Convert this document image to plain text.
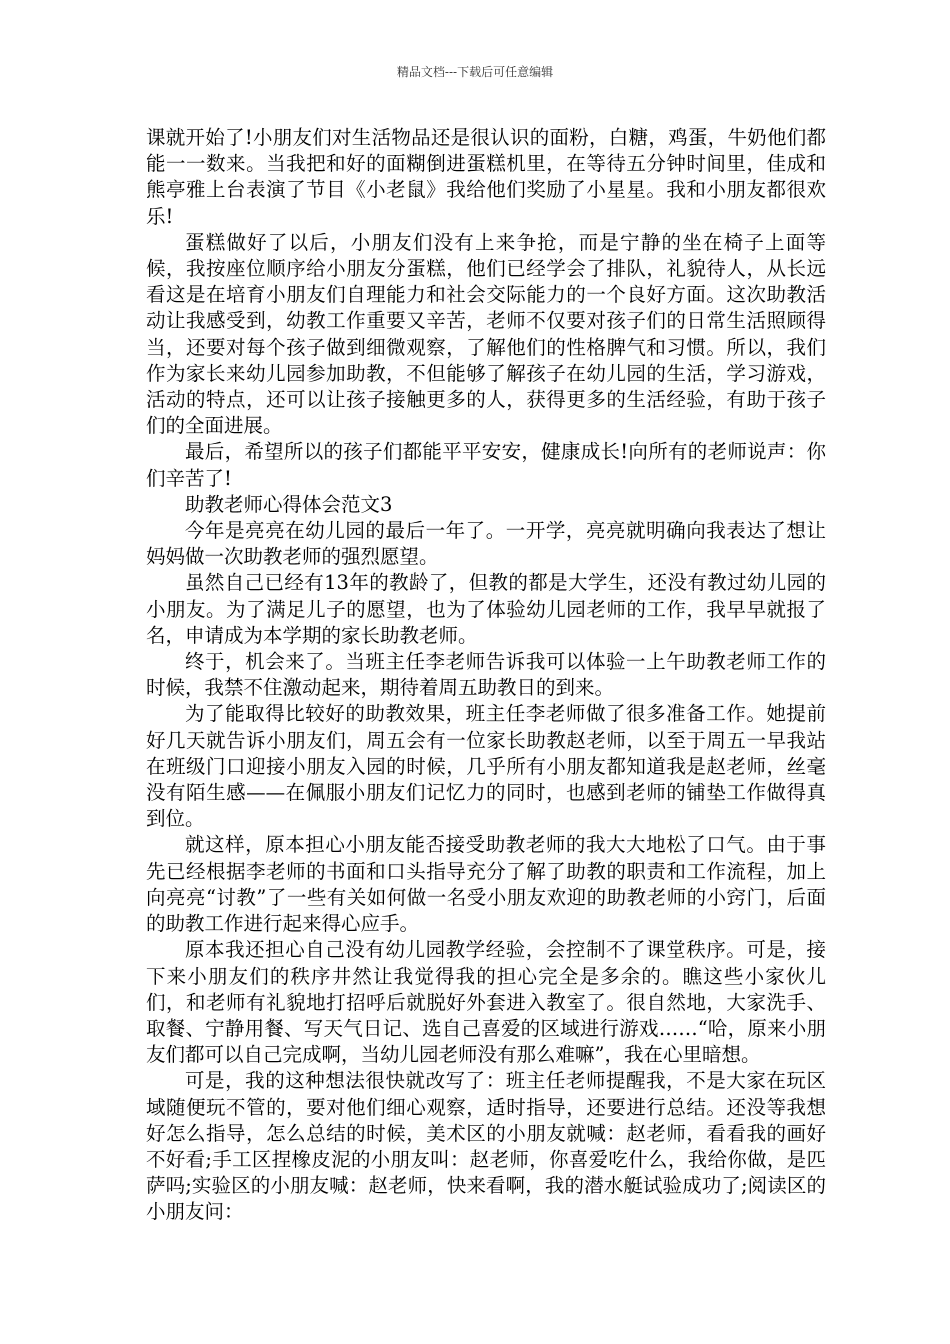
精品文档---下载后可任意编辑

课就开始了!小朋友们对生活物品还是很认识的面粉，白糖，鸡蛋，牛奶他们都能一一数来。当我把和好的面糊倒进蛋糕机里，在等待五分钟时间里，佳成和熊亭雅上台表演了节目《小老鼠》我给他们奖励了小星星。我和小朋友都很欢乐!

蛋糕做好了以后，小朋友们没有上来争抢，而是宁静的坐在椅子上面等候，我按座位顺序给小朋友分蛋糕，他们已经学会了排队，礼貌待人，从长远看这是在培育小朋友们自理能力和社会交际能力的一个良好方面。这次助教活动让我感受到，幼教工作重要又辛苦，老师不仅要对孩子们的日常生活照顾得当，还要对每个孩子做到细微观察，了解他们的性格脾气和习惯。所以，我们作为家长来幼儿园参加助教，不但能够了解孩子在幼儿园的生活，学习游戏，活动的特点，还可以让孩子接触更多的人，获得更多的生活经验，有助于孩子们的全面进展。

最后，希望所以的孩子们都能平平安安，健康成长!向所有的老师说声：你们辛苦了!

助教老师心得体会范文3

今年是亮亮在幼儿园的最后一年了。一开学，亮亮就明确向我表达了想让妈妈做一次助教老师的强烈愿望。

虽然自己已经有13年的教龄了，但教的都是大学生，还没有教过幼儿园的小朋友。为了满足儿子的愿望，也为了体验幼儿园老师的工作，我早早就报了名，申请成为本学期的家长助教老师。

终于，机会来了。当班主任李老师告诉我可以体验一上午助教老师工作的时候，我禁不住激动起来，期待着周五助教日的到来。

为了能取得比较好的助教效果，班主任李老师做了很多准备工作。她提前好几天就告诉小朋友们，周五会有一位家长助教赵老师，以至于周五一早我站在班级门口迎接小朋友入园的时候，几乎所有小朋友都知道我是赵老师，丝毫没有陌生感——在佩服小朋友们记忆力的同时，也感到老师的铺垫工作做得真到位。

就这样，原本担心小朋友能否接受助教老师的我大大地松了口气。由于事先已经根据李老师的书面和口头指导充分了解了助教的职责和工作流程，加上向亮亮“讨教”了一些有关如何做一名受小朋友欢迎的助教老师的小窍门，后面的助教工作进行起来得心应手。

原本我还担心自己没有幼儿园教学经验，会控制不了课堂秩序。可是，接下来小朋友们的秩序井然让我觉得我的担心完全是多余的。瞧这些小家伙儿们，和老师有礼貌地打招呼后就脱好外套进入教室了。很自然地，大家洗手、取餐、宁静用餐、写天气日记、选自己喜爱的区域进行游戏……“哈，原来小朋友们都可以自己完成啊，当幼儿园老师没有那么难嘛”，我在心里暗想。

可是，我的这种想法很快就改写了：班主任老师提醒我，不是大家在玩区域随便玩不管的，要对他们细心观察，适时指导，还要进行总结。还没等我想好怎么指导，怎么总结的时候，美术区的小朋友就喊：赵老师，看看我的画好不好看;手工区捏橡皮泥的小朋友叫：赵老师，你喜爱吃什么，我给你做，是匹萨吗;实验区的小朋友喊：赵老师，快来看啊，我的潜水艇试验成功了;阅读区的小朋友问：
